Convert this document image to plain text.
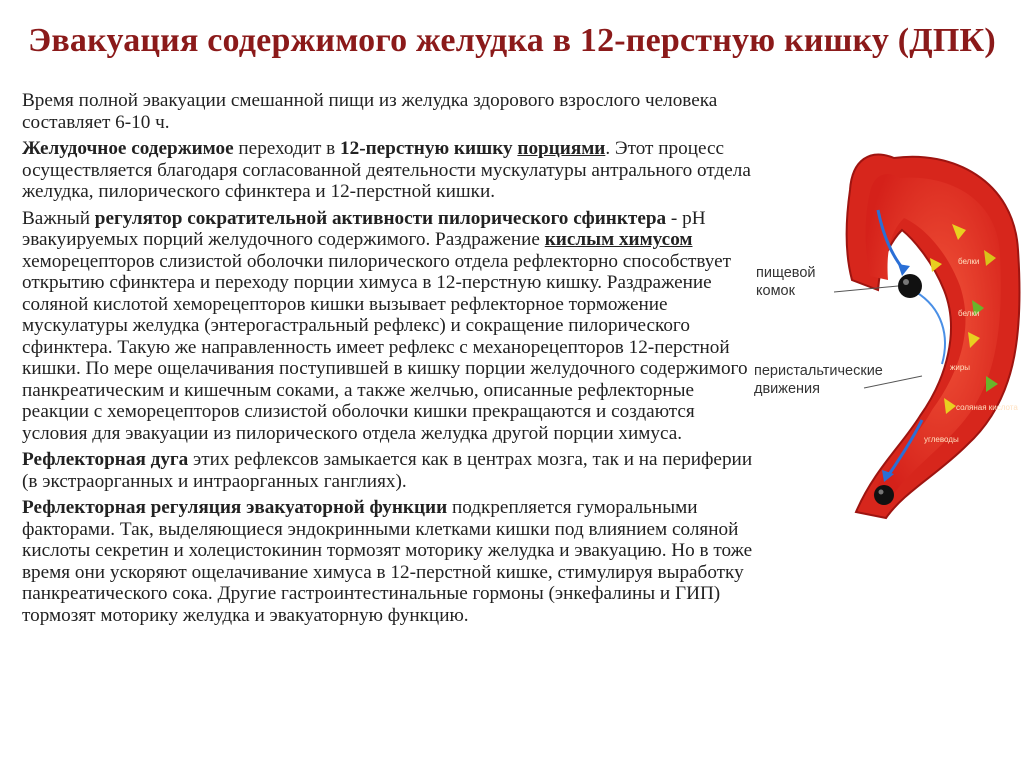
Эвакуация содержимого желудка в 12-перстную кишку (ДПК)

Время полной эвакуации смешанной пищи из желудка здорового взрослого человека составляет 6-10 ч.

Желудочное содержимое переходит в 12-перстную кишку порциями. Этот процесс осуществляется благодаря согласованной деятельности мускулатуры антрального отдела желудка, пилорического сфинктера и 12-перстной кишки.

Важный регулятор сократительной активности пилорического сфинктера - рН эвакуируемых порций желудочного содержимого. Раздражение кислым химусом хеморецепторов слизистой оболочки пилорического отдела рефлекторно способствует открытию сфинктера и переходу порции химуса в 12-перстную кишку. Раздражение соляной кислотой хеморецепторов кишки вызывает рефлекторное торможение мускулатуры желудка (энтерогастральный рефлекс) и сокращение пилорического сфинктера. Такую же направленность имеет рефлекс с механорецепторов 12-перстной кишки. По мере ощелачивания поступившей в кишку порции желудочного содержимого панкреатическим и кишечным соками, а также желчью, описанные рефлекторные реакции с хеморецепторов слизистой оболочки кишки прекращаются и создаются условия для эвакуации из пилорического отдела желудка другой порции химуса.

Рефлекторная дуга этих рефлексов замыкается как в центрах мозга, так и на периферии (в экстраорганных и интраорганных ганглиях).

Рефлекторная регуляция эвакуаторной функции подкрепляется гуморальными факторами. Так, выделяющиеся эндокринными клетками кишки под влиянием соляной кислоты секретин и холецистокинин тормозят моторику желудка и эвакуацию. Но в тоже время они ускоряют ощелачивание химуса в 12-перстной кишке, стимулируя выработку панкреатического сока. Другие гастроинтестинальные гормоны (энкефалины и ГИП) тормозят моторику желудка и эвакуаторную функцию.

белки
жиры
соляная кислота
углеводы
белки
пищевой комок
перистальтические движения
